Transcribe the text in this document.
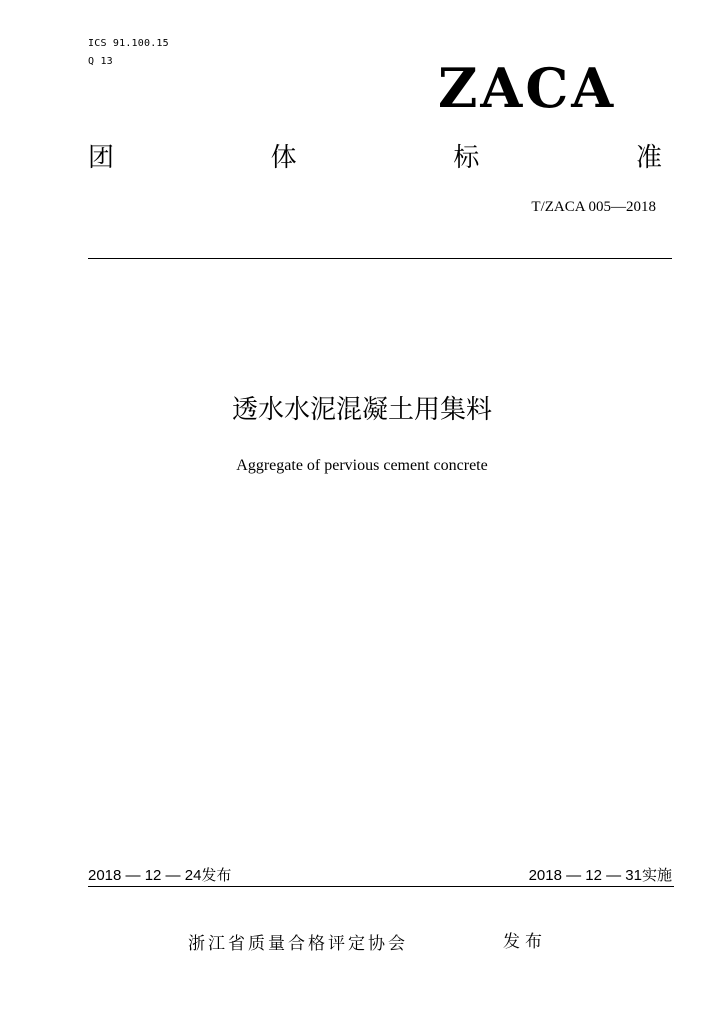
ICS 91.100.15
Q 13	ZACA
团	体	标	准
T/ZACA 005—2018
透水水泥混凝土用集料
Aggregate of pervious cement concrete
2018 — 12 — 24发布	2018 — 12 — 31实施
浙江省质量合格评定协会	发布
